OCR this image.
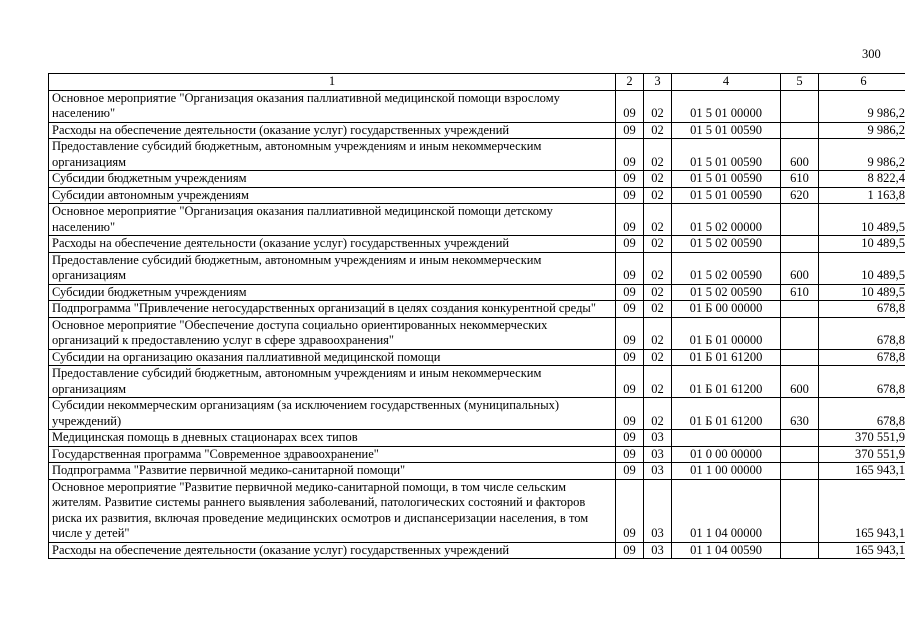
300
1	2	3	4	5	6
Основное мероприятие "Организация оказания паллиативной медицинской помощи взрослому населению"	09	02	01 5 01 00000		9 986,2
Расходы на обеспечение деятельности (оказание услуг) государственных учреждений	09	02	01 5 01 00590		9 986,2
Предоставление субсидий бюджетным, автономным учреждениям и иным некоммерческим организациям	09	02	01 5 01 00590	600	9 986,2
Субсидии бюджетным учреждениям	09	02	01 5 01 00590	610	8 822,4
Субсидии автономным учреждениям	09	02	01 5 01 00590	620	1 163,8
Основное мероприятие "Организация оказания паллиативной медицинской помощи детскому населению"	09	02	01 5 02 00000		10 489,5
Расходы на обеспечение деятельности (оказание услуг) государственных учреждений	09	02	01 5 02 00590		10 489,5
Предоставление субсидий бюджетным, автономным учреждениям и иным некоммерческим организациям	09	02	01 5 02 00590	600	10 489,5
Субсидии бюджетным учреждениям	09	02	01 5 02 00590	610	10 489,5
Подпрограмма "Привлечение негосударственных организаций в целях создания конкурентной среды"	09	02	01 Б 00 00000		678,8
Основное мероприятие "Обеспечение доступа социально ориентированных некоммерческих организаций к предоставлению услуг в сфере здравоохранения"	09	02	01 Б 01 00000		678,8
Субсидии на организацию оказания паллиативной медицинской помощи	09	02	01 Б 01 61200		678,8
Предоставление субсидий бюджетным, автономным учреждениям и иным некоммерческим организациям	09	02	01 Б 01 61200	600	678,8
Субсидии некоммерческим организациям (за исключением государственных (муниципальных) учреждений)	09	02	01 Б 01 61200	630	678,8
Медицинская помощь в дневных стационарах всех типов	09	03			370 551,9
Государственная программа "Современное здравоохранение"	09	03	01 0 00 00000		370 551,9
Подпрограмма "Развитие первичной медико-санитарной помощи"	09	03	01 1 00 00000		165 943,1
Основное мероприятие "Развитие первичной медико-санитарной помощи, в том числе сельским жителям. Развитие системы раннего выявления заболеваний, патологических состояний и факторов риска их развития, включая проведение медицинских осмотров и диспансеризации населения, в том числе у детей"	09	03	01 1 04 00000		165 943,1
Расходы на обеспечение деятельности (оказание услуг) государственных учреждений	09	03	01 1 04 00590		165 943,1
